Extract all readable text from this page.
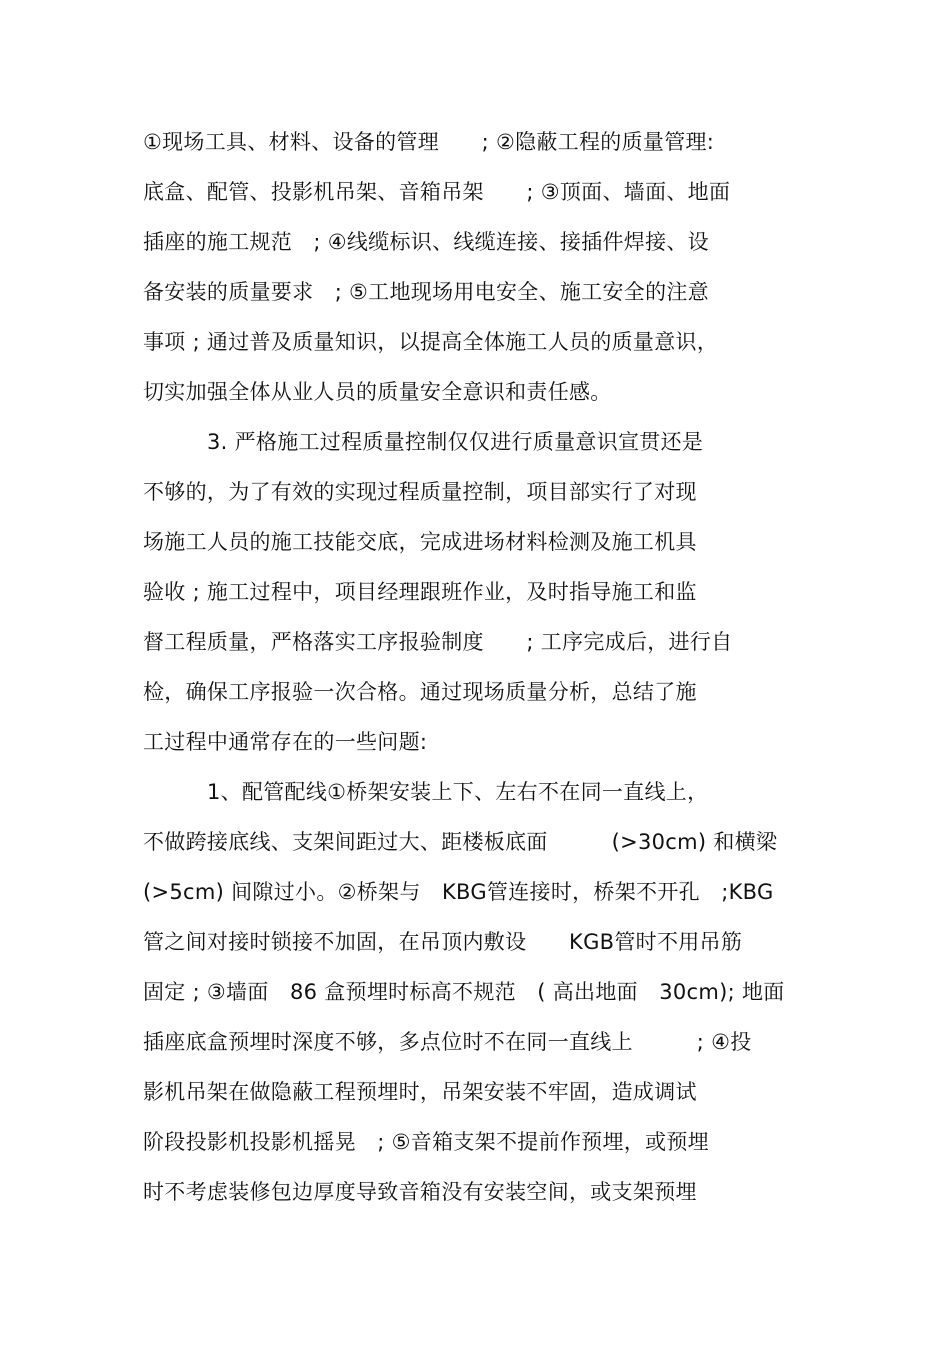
①现场工具、材料、设备的管理　　; ②隐蔽工程的质量管理:
底盒、配管、投影机吊架、音箱吊架　　; ③顶面、墙面、地面
插座的施工规范　; ④线缆标识、线缆连接、接插件焊接、设
备安装的质量要求　; ⑤工地现场用电安全、施工安全的注意
事项 ; 通过普及质量知识，以提高全体施工人员的质量意识，
切实加强全体从业人员的质量安全意识和责任感。
3. 严格施工过程质量控制仅仅进行质量意识宣贯还是
不够的，为了有效的实现过程质量控制，项目部实行了对现
场施工人员的施工技能交底，完成进场材料检测及施工机具
验收 ; 施工过程中，项目经理跟班作业，及时指导施工和监
督工程质量，严格落实工序报验制度　　; 工序完成后，进行自
检，确保工序报验一次合格。通过现场质量分析，总结了施
工过程中通常存在的一些问题:
1、配管配线①桥架安装上下、左右不在同一直线上，
不做跨接底线、支架间距过大、距楼板底面　　　(>30cm) 和横梁
(>5cm) 间隙过小。②桥架与　KBG管连接时，桥架不开孔　;KBG
管之间对接时锁接不加固，在吊顶内敷设　　KGB管时不用吊筋
固定 ; ③墙面　86 盒预埋时标高不规范　( 高出地面　30cm); 地面
插座底盒预埋时深度不够，多点位时不在同一直线上　　　; ④投
影机吊架在做隐蔽工程预埋时，吊架安装不牢固，造成调试
阶段投影机投影机摇晃　; ⑤音箱支架不提前作预埋，或预埋
时不考虑装修包边厚度导致音箱没有安装空间，或支架预埋
